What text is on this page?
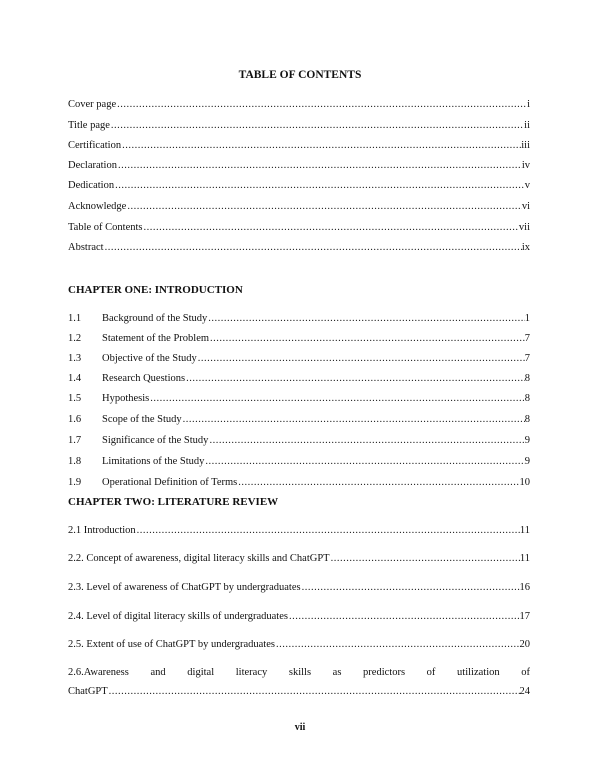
TABLE OF CONTENTS
Cover page .....	i
Title page .....	ii
Certification .....	iii
Declaration .....	iv
Dedication .....	v
Acknowledge .....	vi
Table of Contents .....	vii
Abstract .....	ix
CHAPTER ONE: INTRODUCTION
1.1	Background of the Study .....	1
1.2	Statement of the Problem .....	7
1.3	Objective of the Study .....	7
1.4	Research Questions .....	8
1.5	Hypothesis .....	8
1.6	Scope of the Study .....	8
1.7	Significance of the Study .....	9
1.8	Limitations of the Study .....	9
1.9	Operational Definition of Terms .....	10
CHAPTER TWO: LITERATURE REVIEW
2.1 Introduction .....	11
2.2. Concept of awareness, digital literacy skills and ChatGPT .....	11
2.3. Level of awareness of ChatGPT by undergraduates .....	16
2.4. Level of digital literacy skills of undergraduates .....	17
2.5. Extent of use of ChatGPT by undergraduates .....	20
2.6.Awareness and digital literacy skills as predictors of utilization of
ChatGPT .....	24
vii
